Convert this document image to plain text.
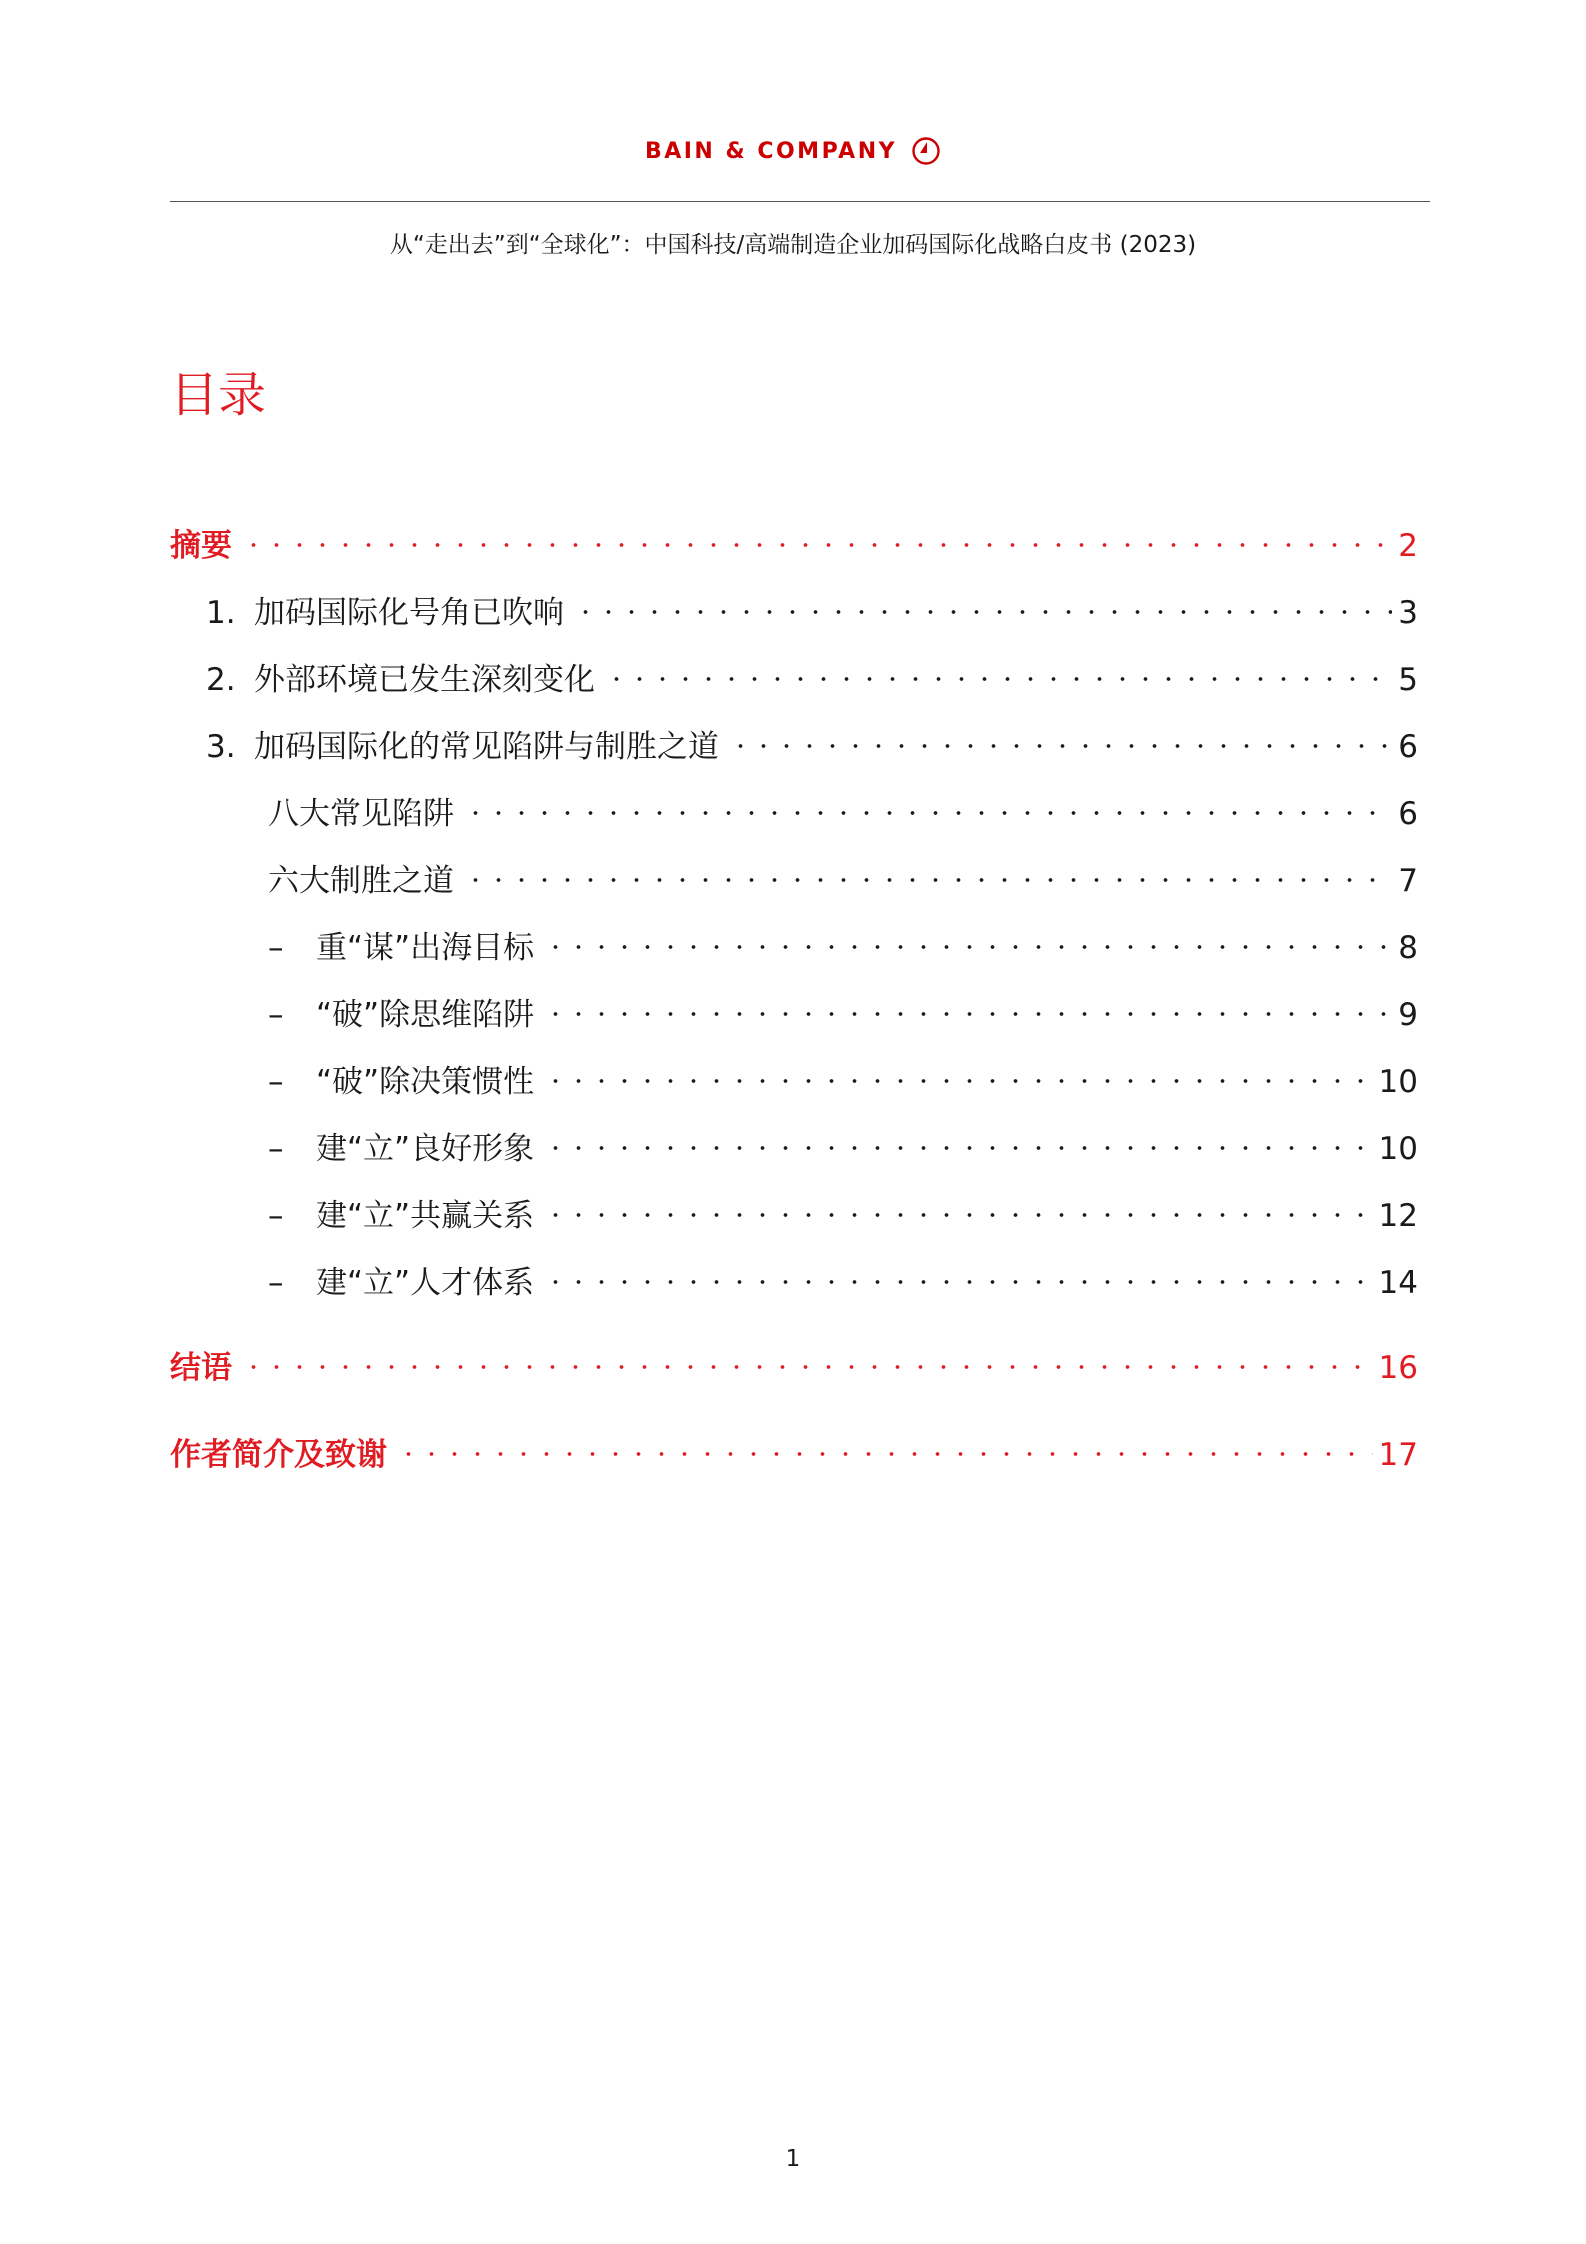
BAIN & COMPANY
从“走出去”到“全球化”：中国科技/高端制造企业加码国际化战略白皮书 (2023)
目录
摘要	2
1. 加码国际化号角已吹响	3
2. 外部环境已发生深刻变化	5
3. 加码国际化的常见陷阱与制胜之道	6
八大常见陷阱	6
六大制胜之道	7
–	重“谋”出海目标	8
–	“破”除思维陷阱	9
–	“破”除决策惯性	10
–	建“立”良好形象	10
–	建“立”共赢关系	12
–	建“立”人才体系	14
结语	16
作者简介及致谢	17
1
